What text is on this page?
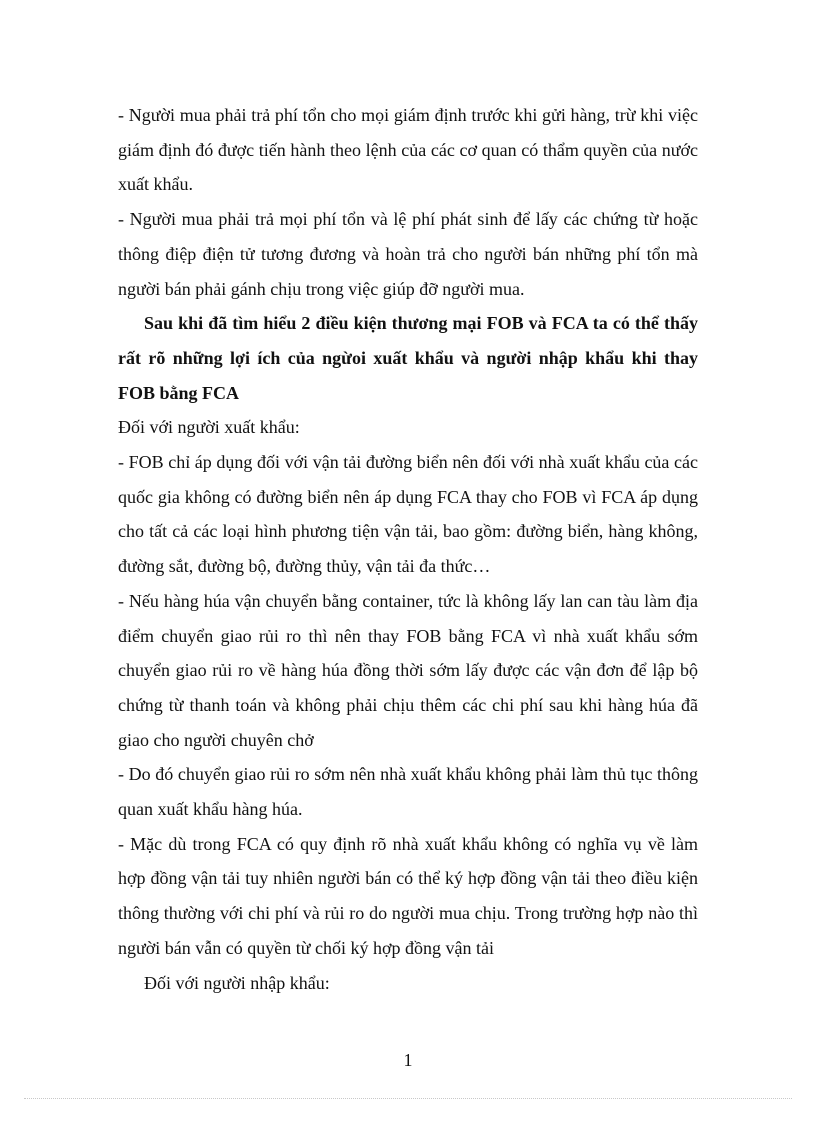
- Người mua phải trả phí tổn cho mọi giám định trước khi gửi hàng, trừ khi việc giám định đó được tiến hành theo lệnh của các cơ quan có thẩm quyền của nước xuất khẩu.

- Người mua phải trả mọi phí tổn và lệ phí phát sinh để lấy các chứng từ hoặc thông điệp điện tử tương đương và hoàn trả cho người bán những phí tổn mà người bán phải gánh chịu trong việc giúp đỡ người mua.

Sau khi đã tìm hiểu 2 điều kiện thương mại FOB và FCA ta có thể thấy rất rõ những lợi ích của ngừoi xuất khẩu và người nhập khẩu khi thay FOB bằng FCA

Đối với người xuất khẩu:

- FOB chỉ áp dụng đối với vận tải đường biển nên đối với nhà xuất khẩu của các quốc gia không có đường biển nên áp dụng FCA thay cho FOB vì FCA áp dụng cho tất cả các loại hình phương tiện vận tải, bao gồm: đường biển, hàng không, đường sắt, đường bộ, đường thủy, vận tải đa thức…

- Nếu hàng húa vận chuyển bằng container, tức là không lấy lan can tàu làm địa điểm chuyển giao rủi ro thì nên thay FOB bằng FCA vì nhà xuất khẩu sớm chuyển giao rủi ro về hàng húa đồng thời sớm lấy được các vận đơn để lập bộ chứng từ thanh toán và không phải chịu thêm các chi phí sau khi hàng húa đã giao cho người chuyên chở

- Do đó chuyển giao rủi ro sớm nên nhà xuất khẩu không phải làm thủ tục thông quan xuất khẩu hàng húa.

- Mặc dù trong FCA có quy định rõ nhà xuất khẩu không có nghĩa vụ về làm hợp đồng vận tải tuy nhiên người bán có thể ký hợp đồng vận tải theo điều kiện thông thường với chi phí và rủi ro do người mua chịu. Trong trường hợp nào thì người bán vẫn có quyền từ chối ký hợp đồng vận tải

Đối với người nhập khẩu:

1
